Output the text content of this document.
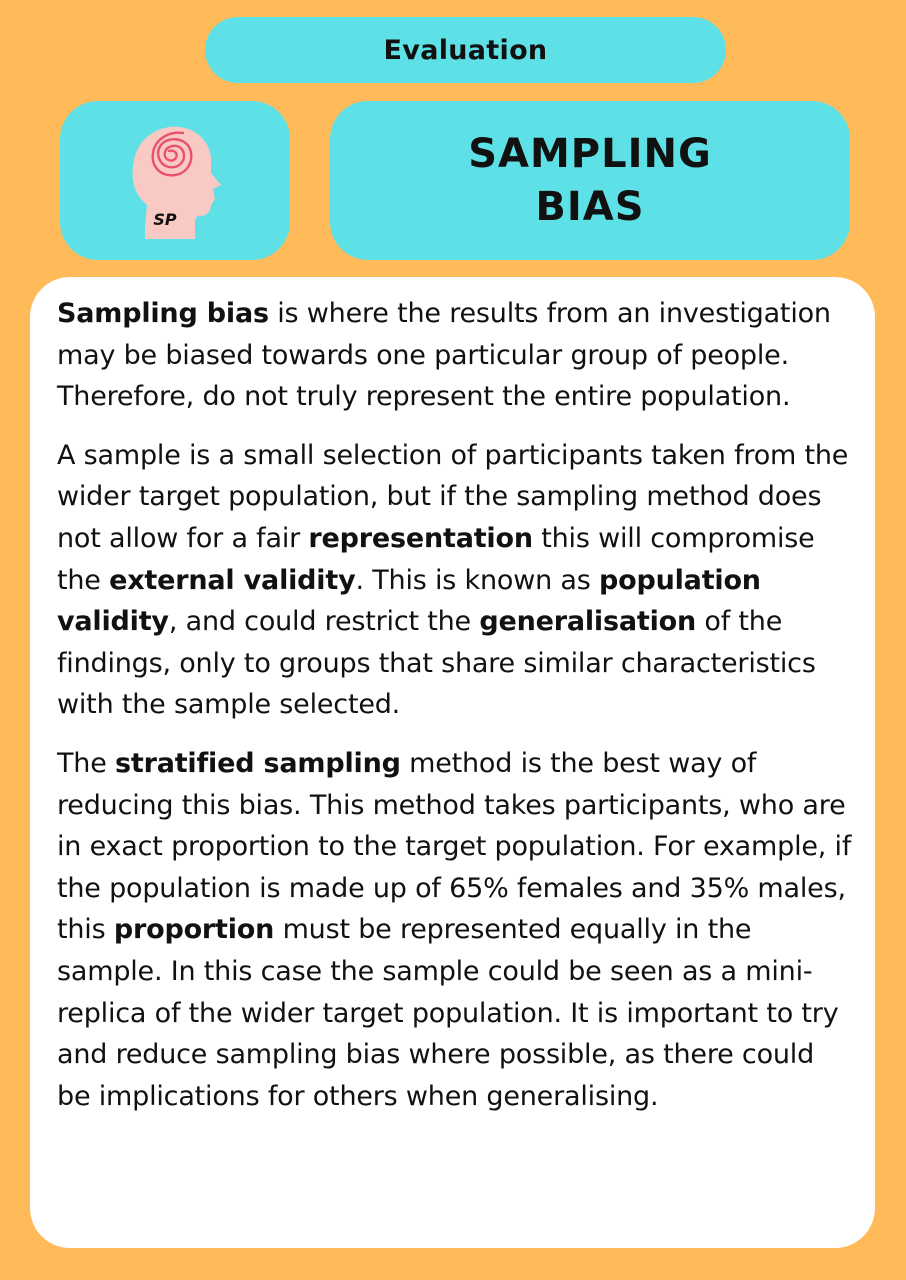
Evaluation
SP
SAMPLING
BIAS

Sampling bias is where the results from an investigation may be biased towards one particular group of people. Therefore, do not truly represent the entire population.

A sample is a small selection of participants taken from the wider target population, but if the sampling method does not allow for a fair representation this will compromise the external validity. This is known as population validity, and could restrict the generalisation of the findings, only to groups that share similar characteristics with the sample selected.

The stratified sampling method is the best way of reducing this bias. This method takes participants, who are in exact proportion to the target population. For example, if the population is made up of 65% females and 35% males, this proportion must be represented equally in the sample. In this case the sample could be seen as a mini-replica of the wider target population. It is important to try and reduce sampling bias where possible, as there could be implications for others when generalising.
